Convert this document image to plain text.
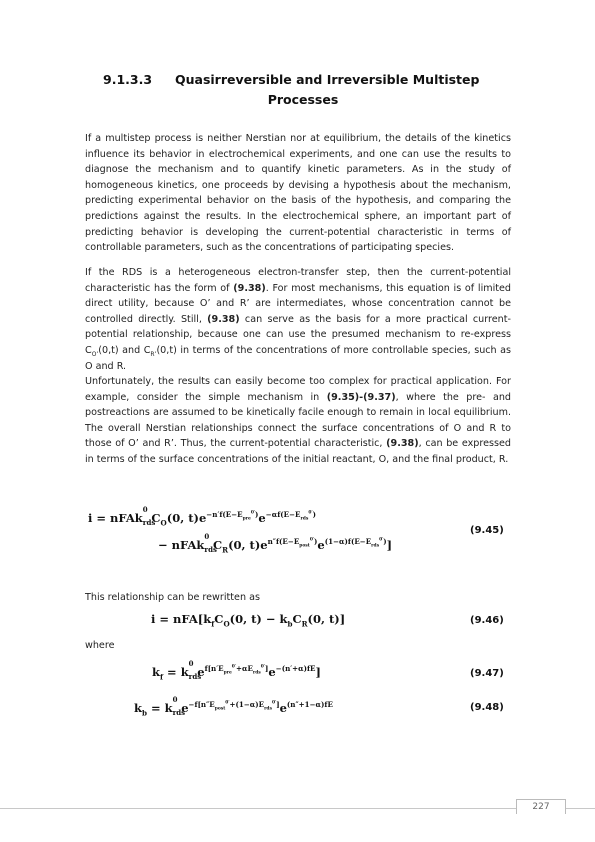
9.1.3.3 Quasirreversible and Irreversible Multistep
Processes
If a multistep process is neither Nerstian nor at equilibrium, the details of the kinetics influence its behavior in electrochemical experiments, and one can use the results to diagnose the mechanism and to quantify kinetic parameters. As in the study of homogeneous kinetics, one proceeds by devising a hypothesis about the mechanism, predicting experimental behavior on the basis of the hypothesis, and comparing the predictions against the results. In the electrochemical sphere, an important part of predicting behavior is developing the current-potential characteristic in terms of controllable parameters, such as the concentrations of participating species.
If the RDS is a heterogeneous electron-transfer step, then the current-potential characteristic has the form of (9.38). For most mechanisms, this equation is of limited direct utility, because O’ and R’ are intermediates, whose concentration cannot be controlled directly. Still, (9.38) can serve as the basis for a more practical current-potential relationship, because one can use the presumed mechanism to re-express $C_{O’}(0,t)$ and $C_{R’}(0,t)$ in terms of the concentrations of more controllable species, such as O and R.
Unfortunately, the results can easily become too complex for practical application. For example, consider the simple mechanism in (9.35)-(9.37), where the pre- and postreactions are assumed to be kinetically facile enough to remain in local equilibrium. The overall Nerstian relationships connect the surface concentrations of O and R to those of O’ and R’. Thus, the current-potential characteristic, (9.38), can be expressed in terms of the surface concentrations of the initial reactant, O, and the final product, R.
i = nFAk
0
rds
   $C_O(0$, $t)e^{-n'f(E-E_{pre}^{0'})}e^{-\alpha f(E-E_{rds}^{0'})}$
− nFAk
0
rds
   $C_R(0$, $t)e^{n''f(E-E_{post}^{0'})}e^{(1-\alpha)f(E-E_{rds}^{0'})}$]
(9.45)
This relationship can be rewritten as
$i = nFA[k_fC_O(0$, $t) - k_bC_R(0$, t)]	(9.46)
where
$k_f = k$
0
rds
   $e^{f[n'E_{pre}^{0'}+\alpha E_{rds}^{0'}]}e^{-(n'+\alpha)fE}$]	(9.47)
$k_b = k$
0
rds
   $e^{-f[n''E_{post}^{0'}+(1-\alpha)E_{rds}^{0'}]}e^{(n''+1-\alpha)fE}$	(9.48)
227
